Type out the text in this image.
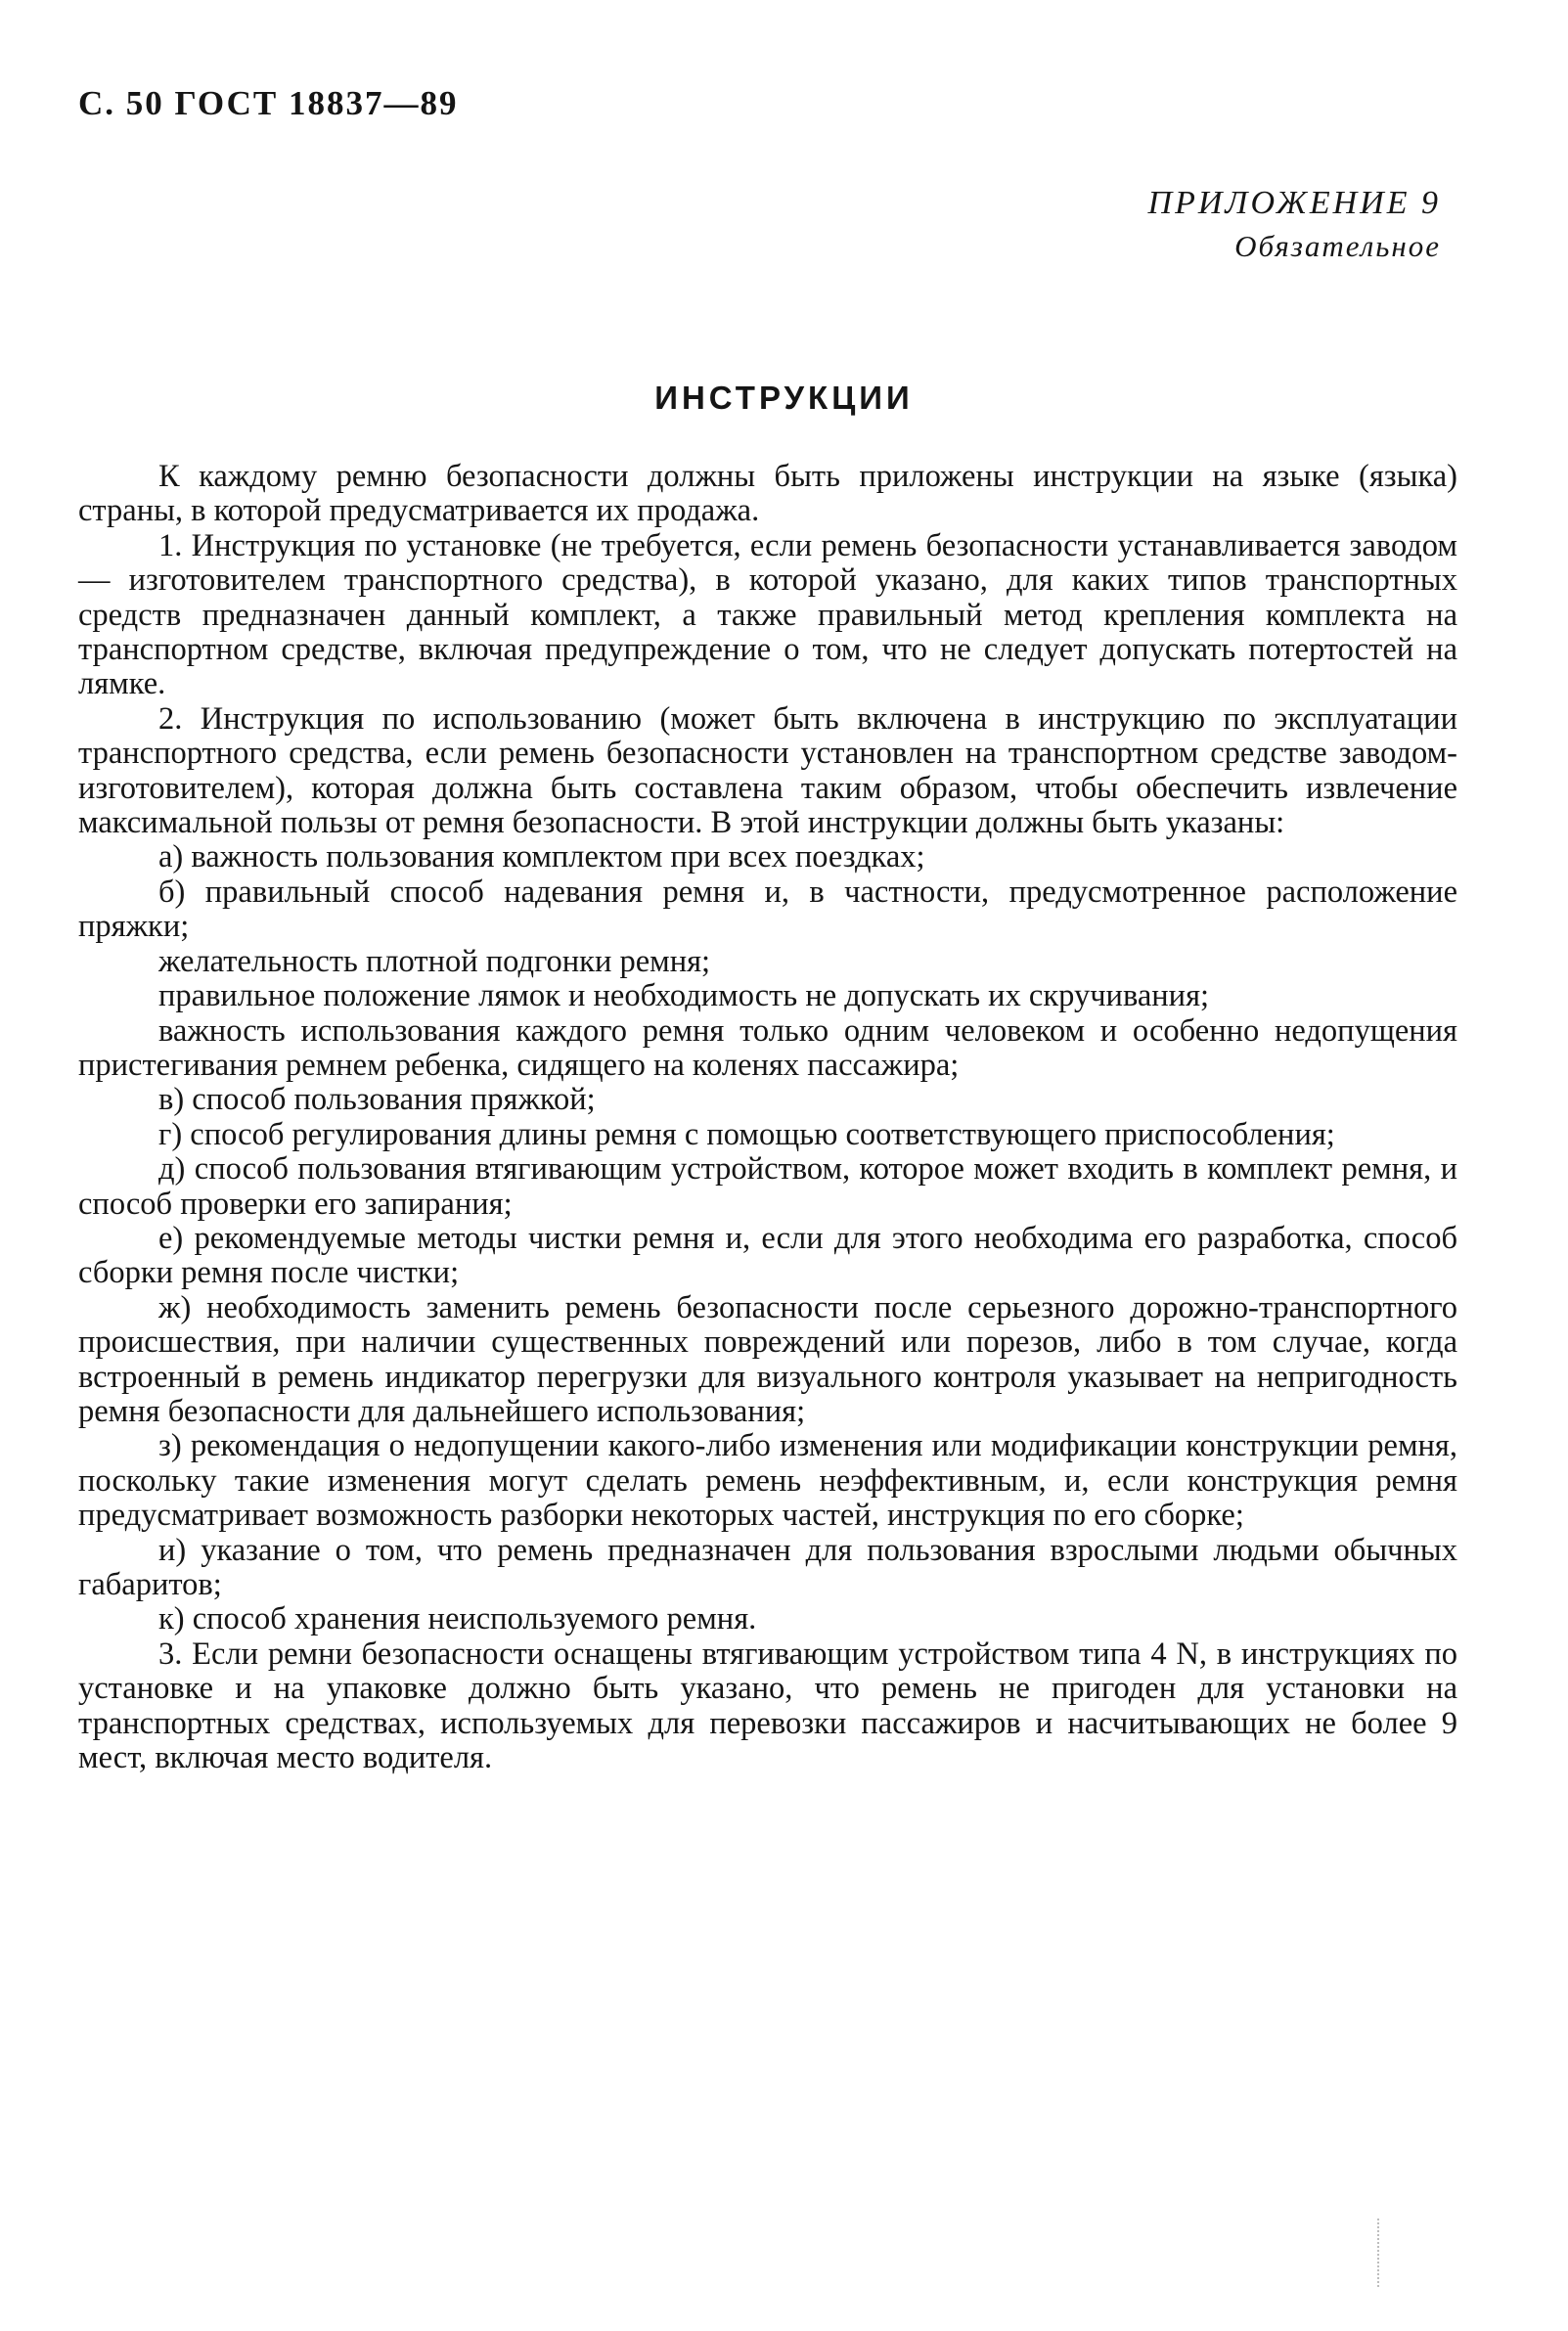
С. 50 ГОСТ 18837—89
ПРИЛОЖЕНИЕ 9
Обязательное
ИНСТРУКЦИИ

К каждому ремню безопасности должны быть приложены инструкции на языке (языка) страны, в которой предусматривается их продажа.

1. Инструкция по установке (не требуется, если ремень безопасности устанавливается заводом — изготовителем транспортного средства), в которой указано, для каких типов транспортных средств предназначен данный комплект, а также правильный метод крепления комплекта на транспортном средстве, включая предупреждение о том, что не следует допускать потертостей на лямке.

2. Инструкция по использованию (может быть включена в инструкцию по эксплуатации транспортного средства, если ремень безопасности установлен на транспортном средстве заводом-изготовителем), которая должна быть составлена таким образом, чтобы обеспечить извлечение максимальной пользы от ремня безопасности. В этой инструкции должны быть указаны:

а) важность пользования комплектом при всех поездках;

б) правильный способ надевания ремня и, в частности, предусмотренное расположение пряжки;

желательность плотной подгонки ремня;

правильное положение лямок и необходимость не допускать их скручивания;

важность использования каждого ремня только одним человеком и особенно недопущения пристегивания ремнем ребенка, сидящего на коленях пассажира;

в) способ пользования пряжкой;

г) способ регулирования длины ремня с помощью соответствующего приспособления;

д) способ пользования втягивающим устройством, которое может входить в комплект ремня, и способ проверки его запирания;

е) рекомендуемые методы чистки ремня и, если для этого необходима его разработка, способ сборки ремня после чистки;

ж) необходимость заменить ремень безопасности после серьезного дорожно-транспортного происшествия, при наличии существенных повреждений или порезов, либо в том случае, когда встроенный в ремень индикатор перегрузки для визуального контроля указывает на непригодность ремня безопасности для дальнейшего использования;

з) рекомендация о недопущении какого-либо изменения или модификации конструкции ремня, поскольку такие изменения могут сделать ремень неэффективным, и, если конструкция ремня предусматривает возможность разборки некоторых частей, инструкция по его сборке;

и) указание о том, что ремень предназначен для пользования взрослыми людьми обычных габаритов;

к) способ хранения неиспользуемого ремня.

3. Если ремни безопасности оснащены втягивающим устройством типа 4 N, в инструкциях по установке и на упаковке должно быть указано, что ремень не пригоден для установки на транспортных средствах, используемых для перевозки пассажиров и насчитывающих не более 9 мест, включая место водителя.
